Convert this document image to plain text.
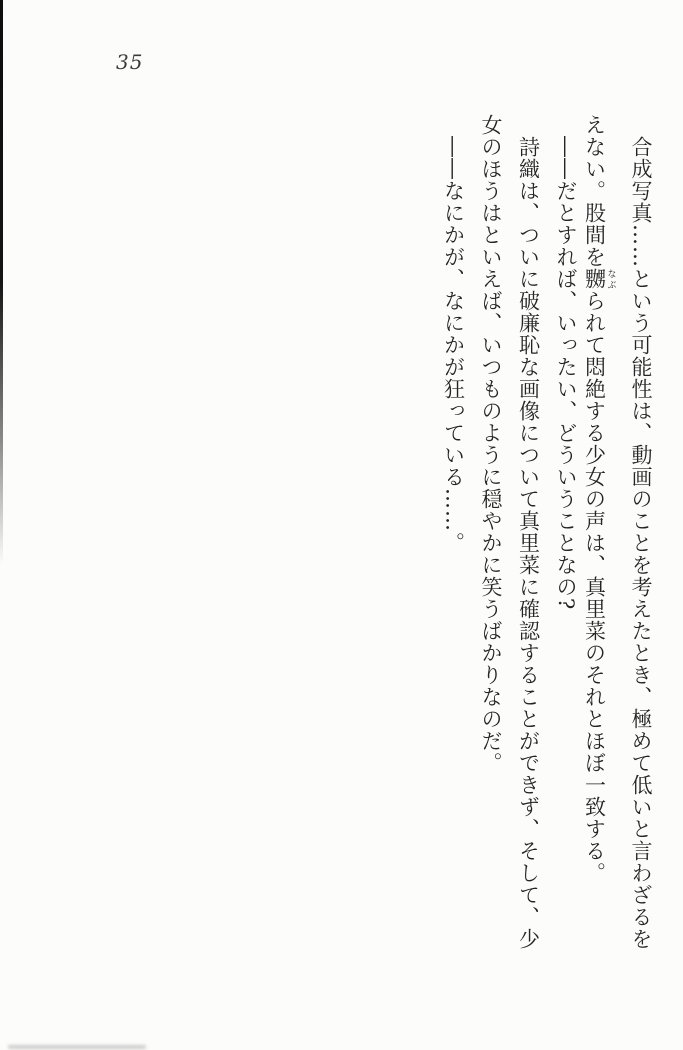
35
合成写真……という可能性は、動画のことを考えたとき、極めて低いと言わざるを
えない。股間を嬲 なぶられて悶絶する少女の声は、真里菜のそれとほぼ一致する。
――だとすれば、いったい、どういうことなの?
詩織は、ついに破廉恥な画像について真里菜に確認することができず、そして、少
女のほうはといえば、いつものように穏やかに笑うばかりなのだ。
――なにかが、なにかが狂っている……。
